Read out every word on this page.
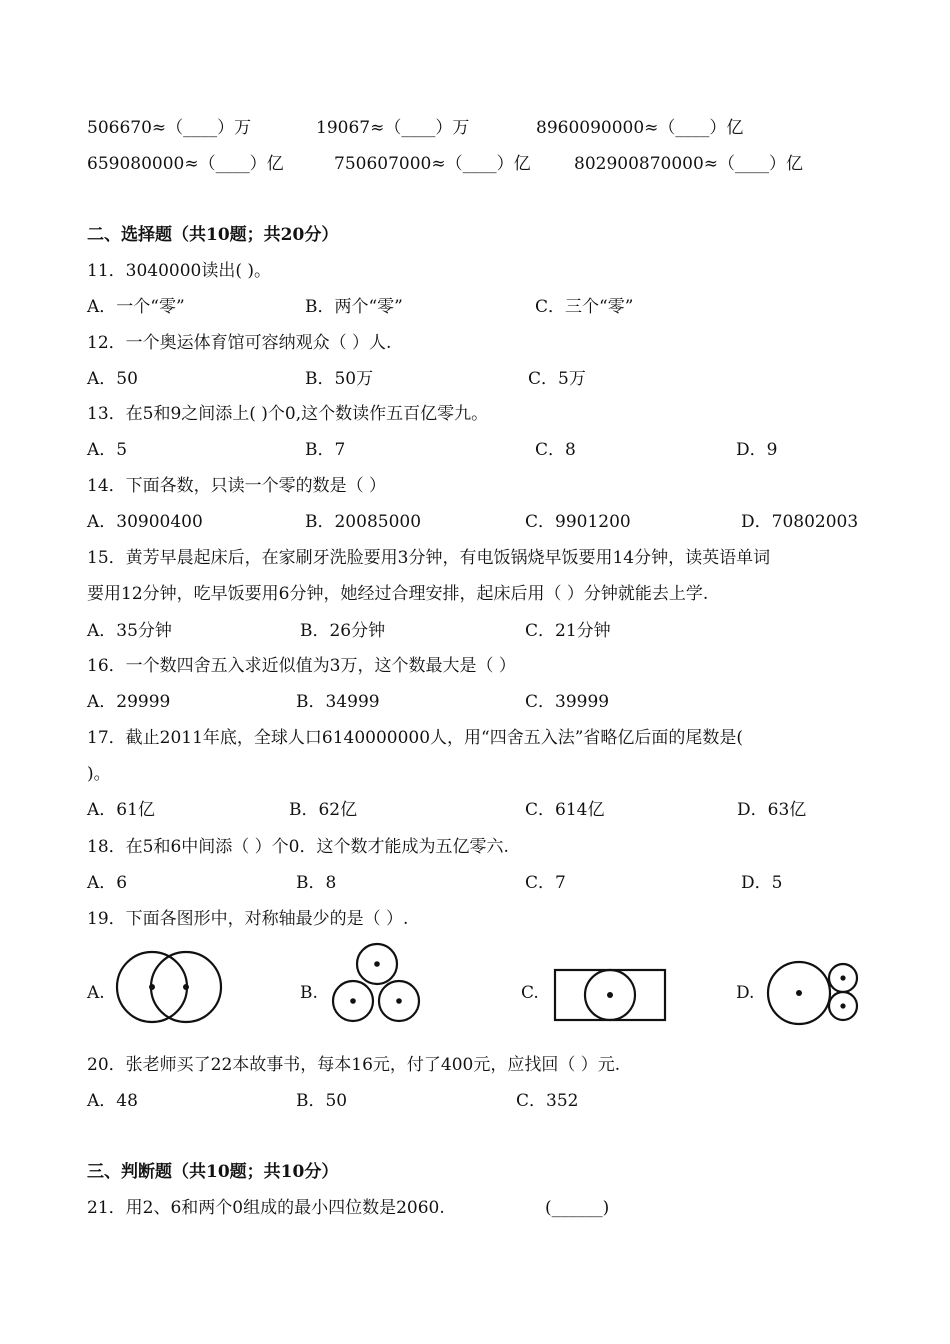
506670≈（____）万	19067≈（____）万	8960090000≈（____）亿
659080000≈（____）亿	750607000≈（____）亿	802900870000≈（____）亿
二、选择题（共10题；共20分）
11．3040000读出( )。
A．一个“零”	B．两个“零”	C．三个“零”
12．一个奥运体育馆可容纳观众（ ）人.
A．50	B．50万	C．5万
13．在5和9之间添上( )个0,这个数读作五百亿零九。
A．5	B．7	C．8	D．9
14．下面各数，只读一个零的数是（ ）
A．30900400	B．20085000	C．9901200	D．70802003
15．黄芳早晨起床后，在家刷牙洗脸要用3分钟，有电饭锅烧早饭要用14分钟，读英语单词
要用12分钟，吃早饭要用6分钟，她经过合理安排，起床后用（ ）分钟就能去上学.
A．35分钟	B．26分钟	C．21分钟
16．一个数四舍五入求近似值为3万，这个数最大是（ ）
A．29999	B．34999	C．39999
17．截止2011年底，全球人口6140000000人，用“四舍五入法”省略亿后面的尾数是(
)。
A．61亿	B．62亿	C．614亿	D．63亿
18．在5和6中间添（ ）个0．这个数才能成为五亿零六.
A．6	B．8	C．7	D．5
19．下面各图形中，对称轴最少的是（ ）.
A.	B.	C.	D.
20．张老师买了22本故事书，每本16元，付了400元，应找回（ ）元.
A．48	B．50	C．352
三、判断题（共10题；共10分）
21．用2、6和两个0组成的最小四位数是2060.	(______)
